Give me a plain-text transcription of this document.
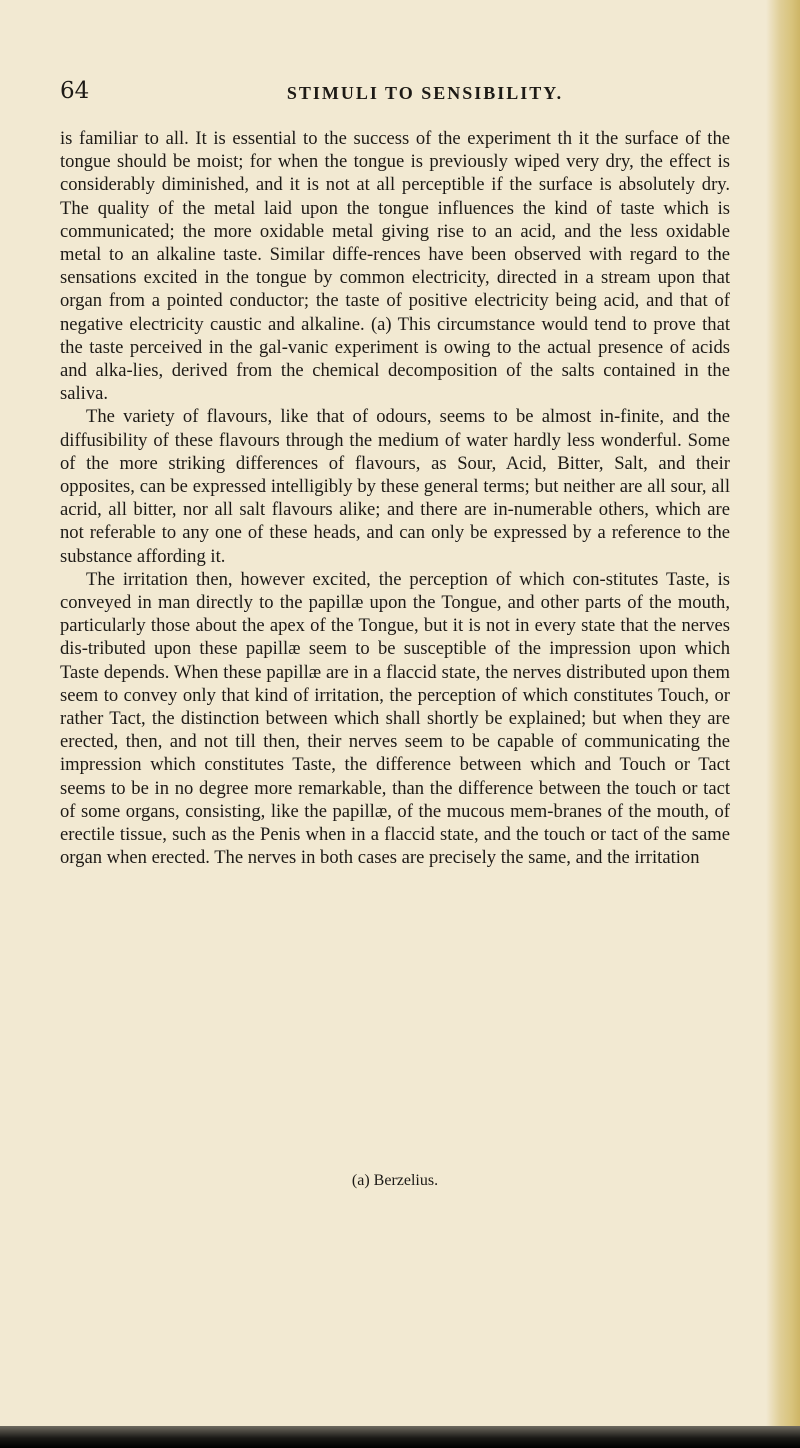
64	STIMULI TO SENSIBILITY.

is familiar to all. It is essential to the success of the experiment th it the surface of the tongue should be moist; for when the tongue is previously wiped very dry, the effect is considerably diminished, and it is not at all perceptible if the surface is absolutely dry. The quality of the metal laid upon the tongue influences the kind of taste which is communicated; the more oxidable metal giving rise to an acid, and the less oxidable metal to an alkaline taste. Similar diffe-rences have been observed with regard to the sensations excited in the tongue by common electricity, directed in a stream upon that organ from a pointed conductor; the taste of positive electricity being acid, and that of negative electricity caustic and alkaline. (a) This circumstance would tend to prove that the taste perceived in the gal-vanic experiment is owing to the actual presence of acids and alka-lies, derived from the chemical decomposition of the salts contained in the saliva.

The variety of flavours, like that of odours, seems to be almost in-finite, and the diffusibility of these flavours through the medium of water hardly less wonderful. Some of the more striking differences of flavours, as Sour, Acid, Bitter, Salt, and their opposites, can be expressed intelligibly by these general terms; but neither are all sour, all acrid, all bitter, nor all salt flavours alike; and there are in-numerable others, which are not referable to any one of these heads, and can only be expressed by a reference to the substance affording it.

The irritation then, however excited, the perception of which con-stitutes Taste, is conveyed in man directly to the papillæ upon the Tongue, and other parts of the mouth, particularly those about the apex of the Tongue, but it is not in every state that the nerves dis-tributed upon these papillæ seem to be susceptible of the impression upon which Taste depends. When these papillæ are in a flaccid state, the nerves distributed upon them seem to convey only that kind of irritation, the perception of which constitutes Touch, or rather Tact, the distinction between which shall shortly be explained; but when they are erected, then, and not till then, their nerves seem to be capable of communicating the impression which constitutes Taste, the difference between which and Touch or Tact seems to be in no degree more remarkable, than the difference between the touch or tact of some organs, consisting, like the papillæ, of the mucous mem-branes of the mouth, of erectile tissue, such as the Penis when in a flaccid state, and the touch or tact of the same organ when erected. The nerves in both cases are precisely the same, and the irritation

(a) Berzelius.
